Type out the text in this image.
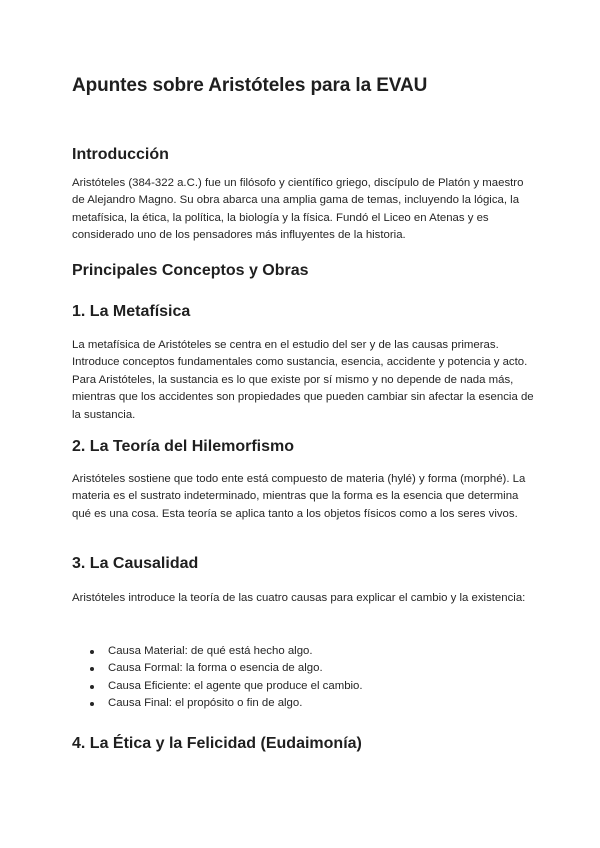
Apuntes sobre Aristóteles para la EVAU
Introducción

Aristóteles (384-322 a.C.) fue un filósofo y científico griego, discípulo de Platón y maestro de Alejandro Magno. Su obra abarca una amplia gama de temas, incluyendo la lógica, la metafísica, la ética, la política, la biología y la física. Fundó el Liceo en Atenas y es considerado uno de los pensadores más influyentes de la historia.

Principales Conceptos y Obras
1. La Metafísica

La metafísica de Aristóteles se centra en el estudio del ser y de las causas primeras. Introduce conceptos fundamentales como sustancia, esencia, accidente y potencia y acto. Para Aristóteles, la sustancia es lo que existe por sí mismo y no depende de nada más, mientras que los accidentes son propiedades que pueden cambiar sin afectar la esencia de la sustancia.

2. La Teoría del Hilemorfismo

Aristóteles sostiene que todo ente está compuesto de materia (hylé) y forma (morphé). La materia es el sustrato indeterminado, mientras que la forma es la esencia que determina qué es una cosa. Esta teoría se aplica tanto a los objetos físicos como a los seres vivos.

3. La Causalidad

Aristóteles introduce la teoría de las cuatro causas para explicar el cambio y la existencia:

Causa Material: de qué está hecho algo.
Causa Formal: la forma o esencia de algo.
Causa Eficiente: el agente que produce el cambio.
Causa Final: el propósito o fin de algo.
4. La Ética y la Felicidad (Eudaimonía)
